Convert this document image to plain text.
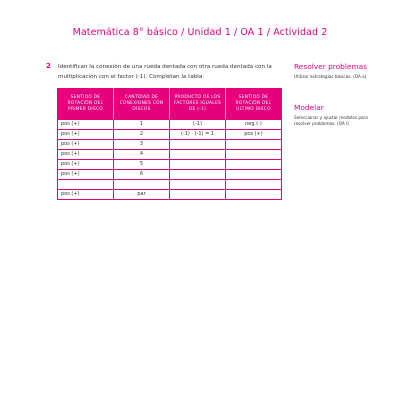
Matemática 8° básico / Unidad 1 / OA 1 / Actividad 2
2 Identifican la conexión de una rueda dentada con otra rueda dentada con la multiplicación con el factor (-1). Completan la tabla.
SENTIDO DE ROTACIÓN DEL PRIMER DISCO	CANTIDAD DE CONEXIONES CON DISCOS	PRODUCTO DE LOS FACTORES IGUALES DE (-1)	SENTIDO DE ROTACIÓN DEL ÚLTIMO DISCO
pos (+)	1	(-1)	neg (-)
pos (+)	2	(-1) · (-1) = 1	pos (+)
pos (+)	3		
pos (+)	4		
pos (+)	5		
pos (+)	6		

pos (+)	par		
Resolver problemas
Utilizar estrategias básicas. (OA a)
Modelar
Seleccionar y ajustar modelos para resolver problemas. (OA l)
